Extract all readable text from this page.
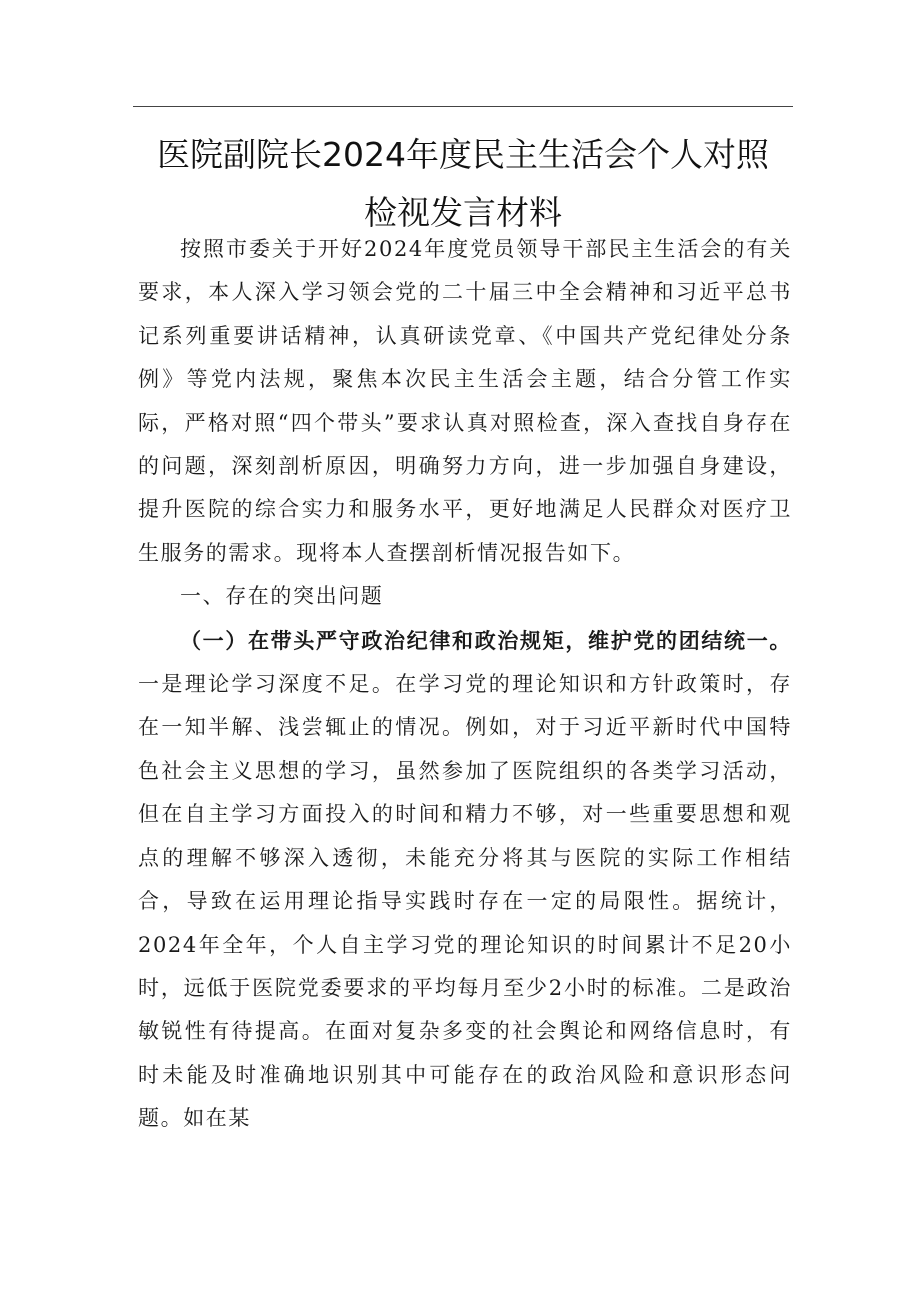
医院副院长2024年度民主生活会个人对照
检视发言材料

按照市委关于开好2024年度党员领导干部民主生活会的有关要求，本人深入学习领会党的二十届三中全会精神和习近平总书记系列重要讲话精神，认真研读党章、《中国共产党纪律处分条例》等党内法规，聚焦本次民主生活会主题，结合分管工作实际，严格对照“四个带头”要求认真对照检查，深入查找自身存在的问题，深刻剖析原因，明确努力方向，进一步加强自身建设，提升医院的综合实力和服务水平，更好地满足人民群众对医疗卫生服务的需求。现将本人查摆剖析情况报告如下。

一、存在的突出问题

（一）在带头严守政治纪律和政治规矩，维护党的团结统一。一是理论学习深度不足。在学习党的理论知识和方针政策时，存在一知半解、浅尝辄止的情况。例如，对于习近平新时代中国特色社会主义思想的学习，虽然参加了医院组织的各类学习活动，但在自主学习方面投入的时间和精力不够，对一些重要思想和观点的理解不够深入透彻，未能充分将其与医院的实际工作相结合，导致在运用理论指导实践时存在一定的局限性。据统计，2024年全年，个人自主学习党的理论知识的时间累计不足20小时，远低于医院党委要求的平均每月至少2小时的标准。二是政治敏锐性有待提高。在面对复杂多变的社会舆论和网络信息时，有时未能及时准确地识别其中可能存在的政治风险和意识形态问题。如在某
